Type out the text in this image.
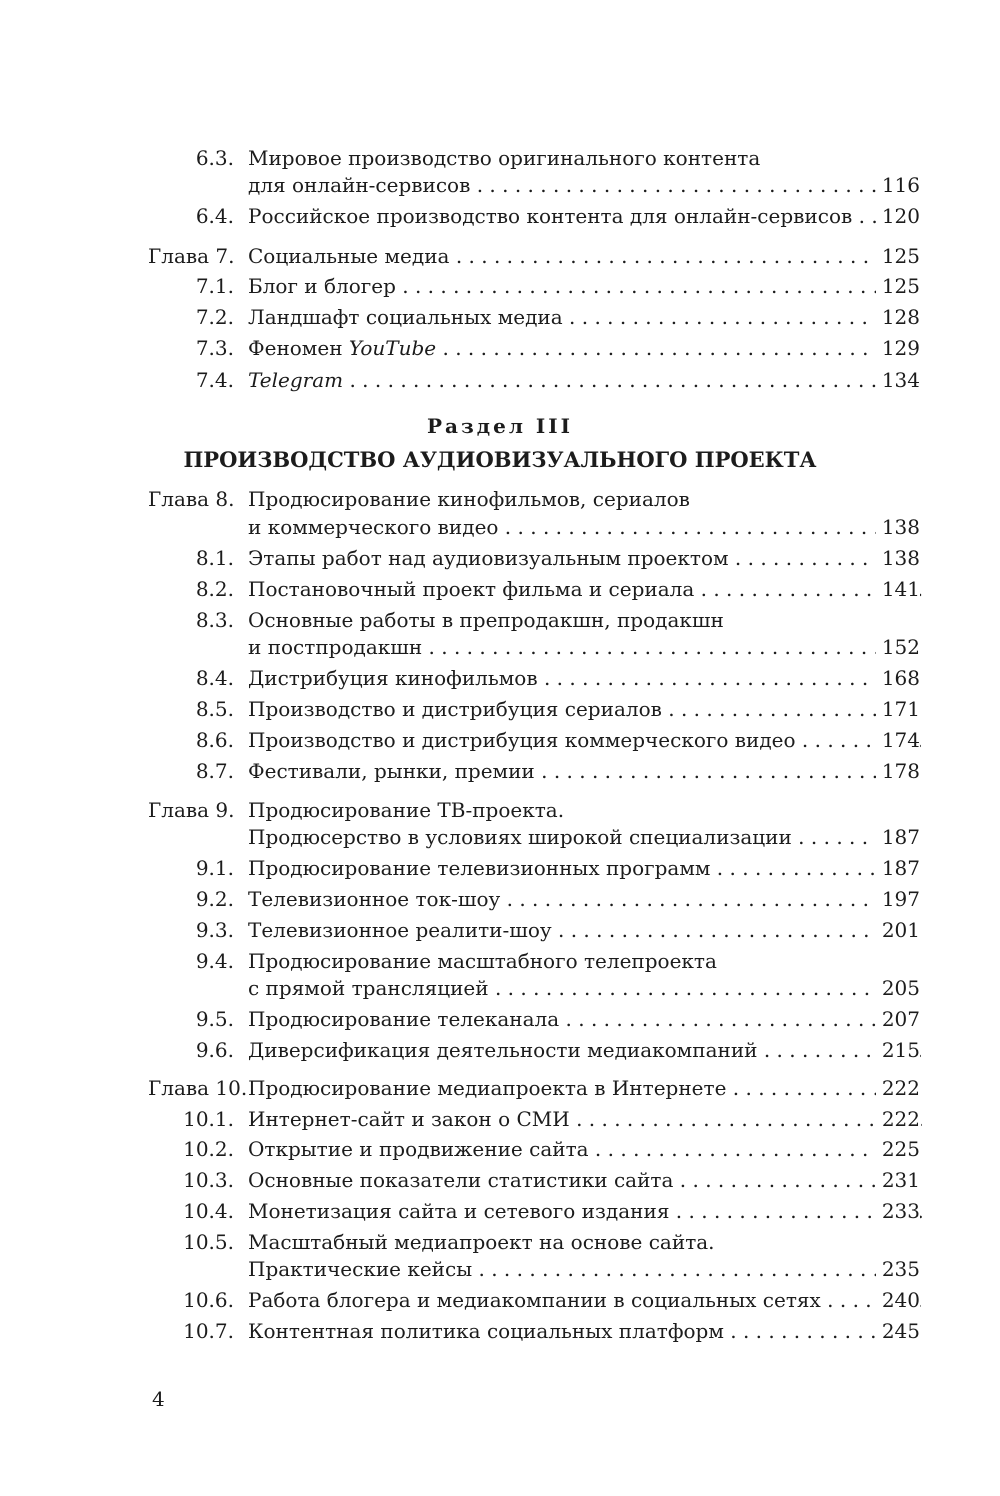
6.3. Мировое производство оригинального контента
для онлайн-сервисов . . .	116
6.4. Российское производство контента для онлайн-сервисов . . .	120
Глава 7. Социальные медиа . . .	125
7.1. Блог и блогер . . .	125
7.2. Ландшафт социальных медиа . . .	128
7.3. Феномен YouTube . . .	129
7.4. Telegram . . .	134
Раздел III
ПРОИЗВОДСТВО АУДИОВИЗУАЛЬНОГО ПРОЕКТА
Глава 8. Продюсирование кинофильмов, сериалов
и коммерческого видео . . .	138
8.1. Этапы работ над аудиовизуальным проектом . . .	138
8.2. Постановочный проект фильма и сериала . . .	141
8.3. Основные работы в препродакшн, продакшн
и постпродакшн . . .	152
8.4. Дистрибуция кинофильмов . . .	168
8.5. Производство и дистрибуция сериалов . . .	171
8.6. Производство и дистрибуция коммерческого видео . . .	174
8.7. Фестивали, рынки, премии . . .	178
Глава 9. Продюсирование ТВ-проекта.
Продюсерство в условиях широкой специализации . . .	187
9.1. Продюсирование телевизионных программ . . .	187
9.2. Телевизионное ток-шоу . . .	197
9.3. Телевизионное реалити-шоу . . .	201
9.4. Продюсирование масштабного телепроекта
с прямой трансляцией . . .	205
9.5. Продюсирование телеканала . . .	207
9.6. Диверсификация деятельности медиакомпаний . . .	215
Глава 10. Продюсирование медиапроекта в Интернете . . .	222
10.1. Интернет-сайт и закон о СМИ . . .	222
10.2. Открытие и продвижение сайта . . .	225
10.3. Основные показатели статистики сайта . . .	231
10.4. Монетизация сайта и сетевого издания . . .	233
10.5. Масштабный медиапроект на основе сайта.
Практические кейсы . . .	235
10.6. Работа блогера и медиакомпании в социальных сетях . . .	240
10.7. Контентная политика социальных платформ . . .	245
4
